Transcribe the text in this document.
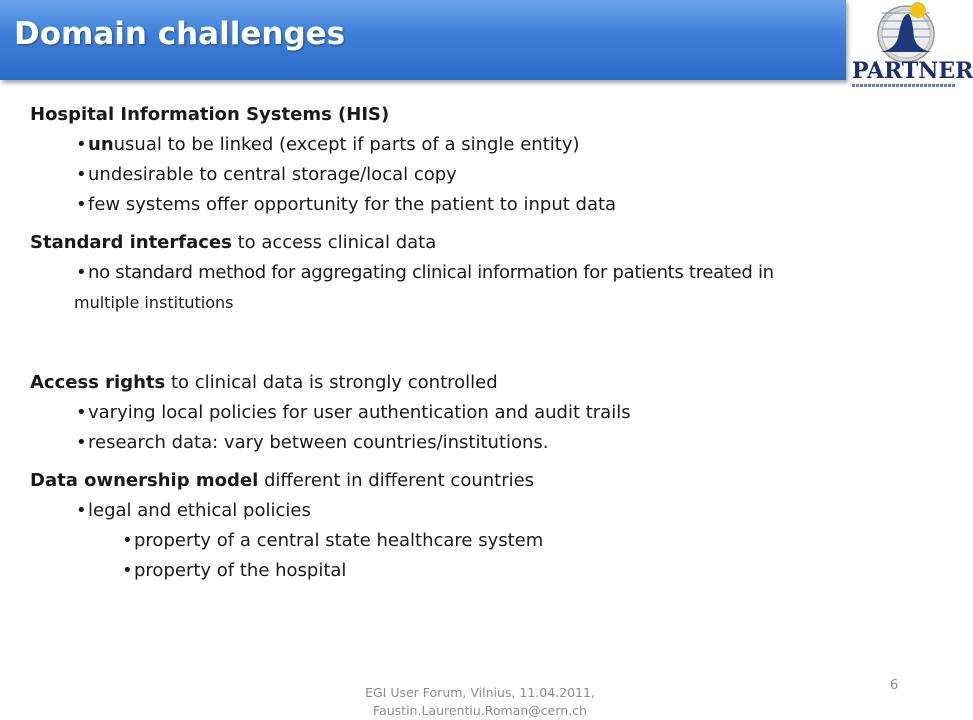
Domain challenges
PARTNER
Hospital Information Systems (HIS)
• unusual to be linked (except if parts of a single entity)
• undesirable to central storage/local copy
• few systems offer opportunity for the patient to input data
Standard interfaces to access clinical data
• no standard method for aggregating clinical information for patients treated in
multiple institutions
Access rights to clinical data is strongly controlled
• varying local policies for user authentication and audit trails
• research data: vary between countries/institutions.
Data ownership model different in different countries
• legal and ethical policies
• property of a central state healthcare system
• property of the hospital
EGI User Forum, Vilnius, 11.04.2011,
Faustin.Laurentiu.Roman@cern.ch
6
